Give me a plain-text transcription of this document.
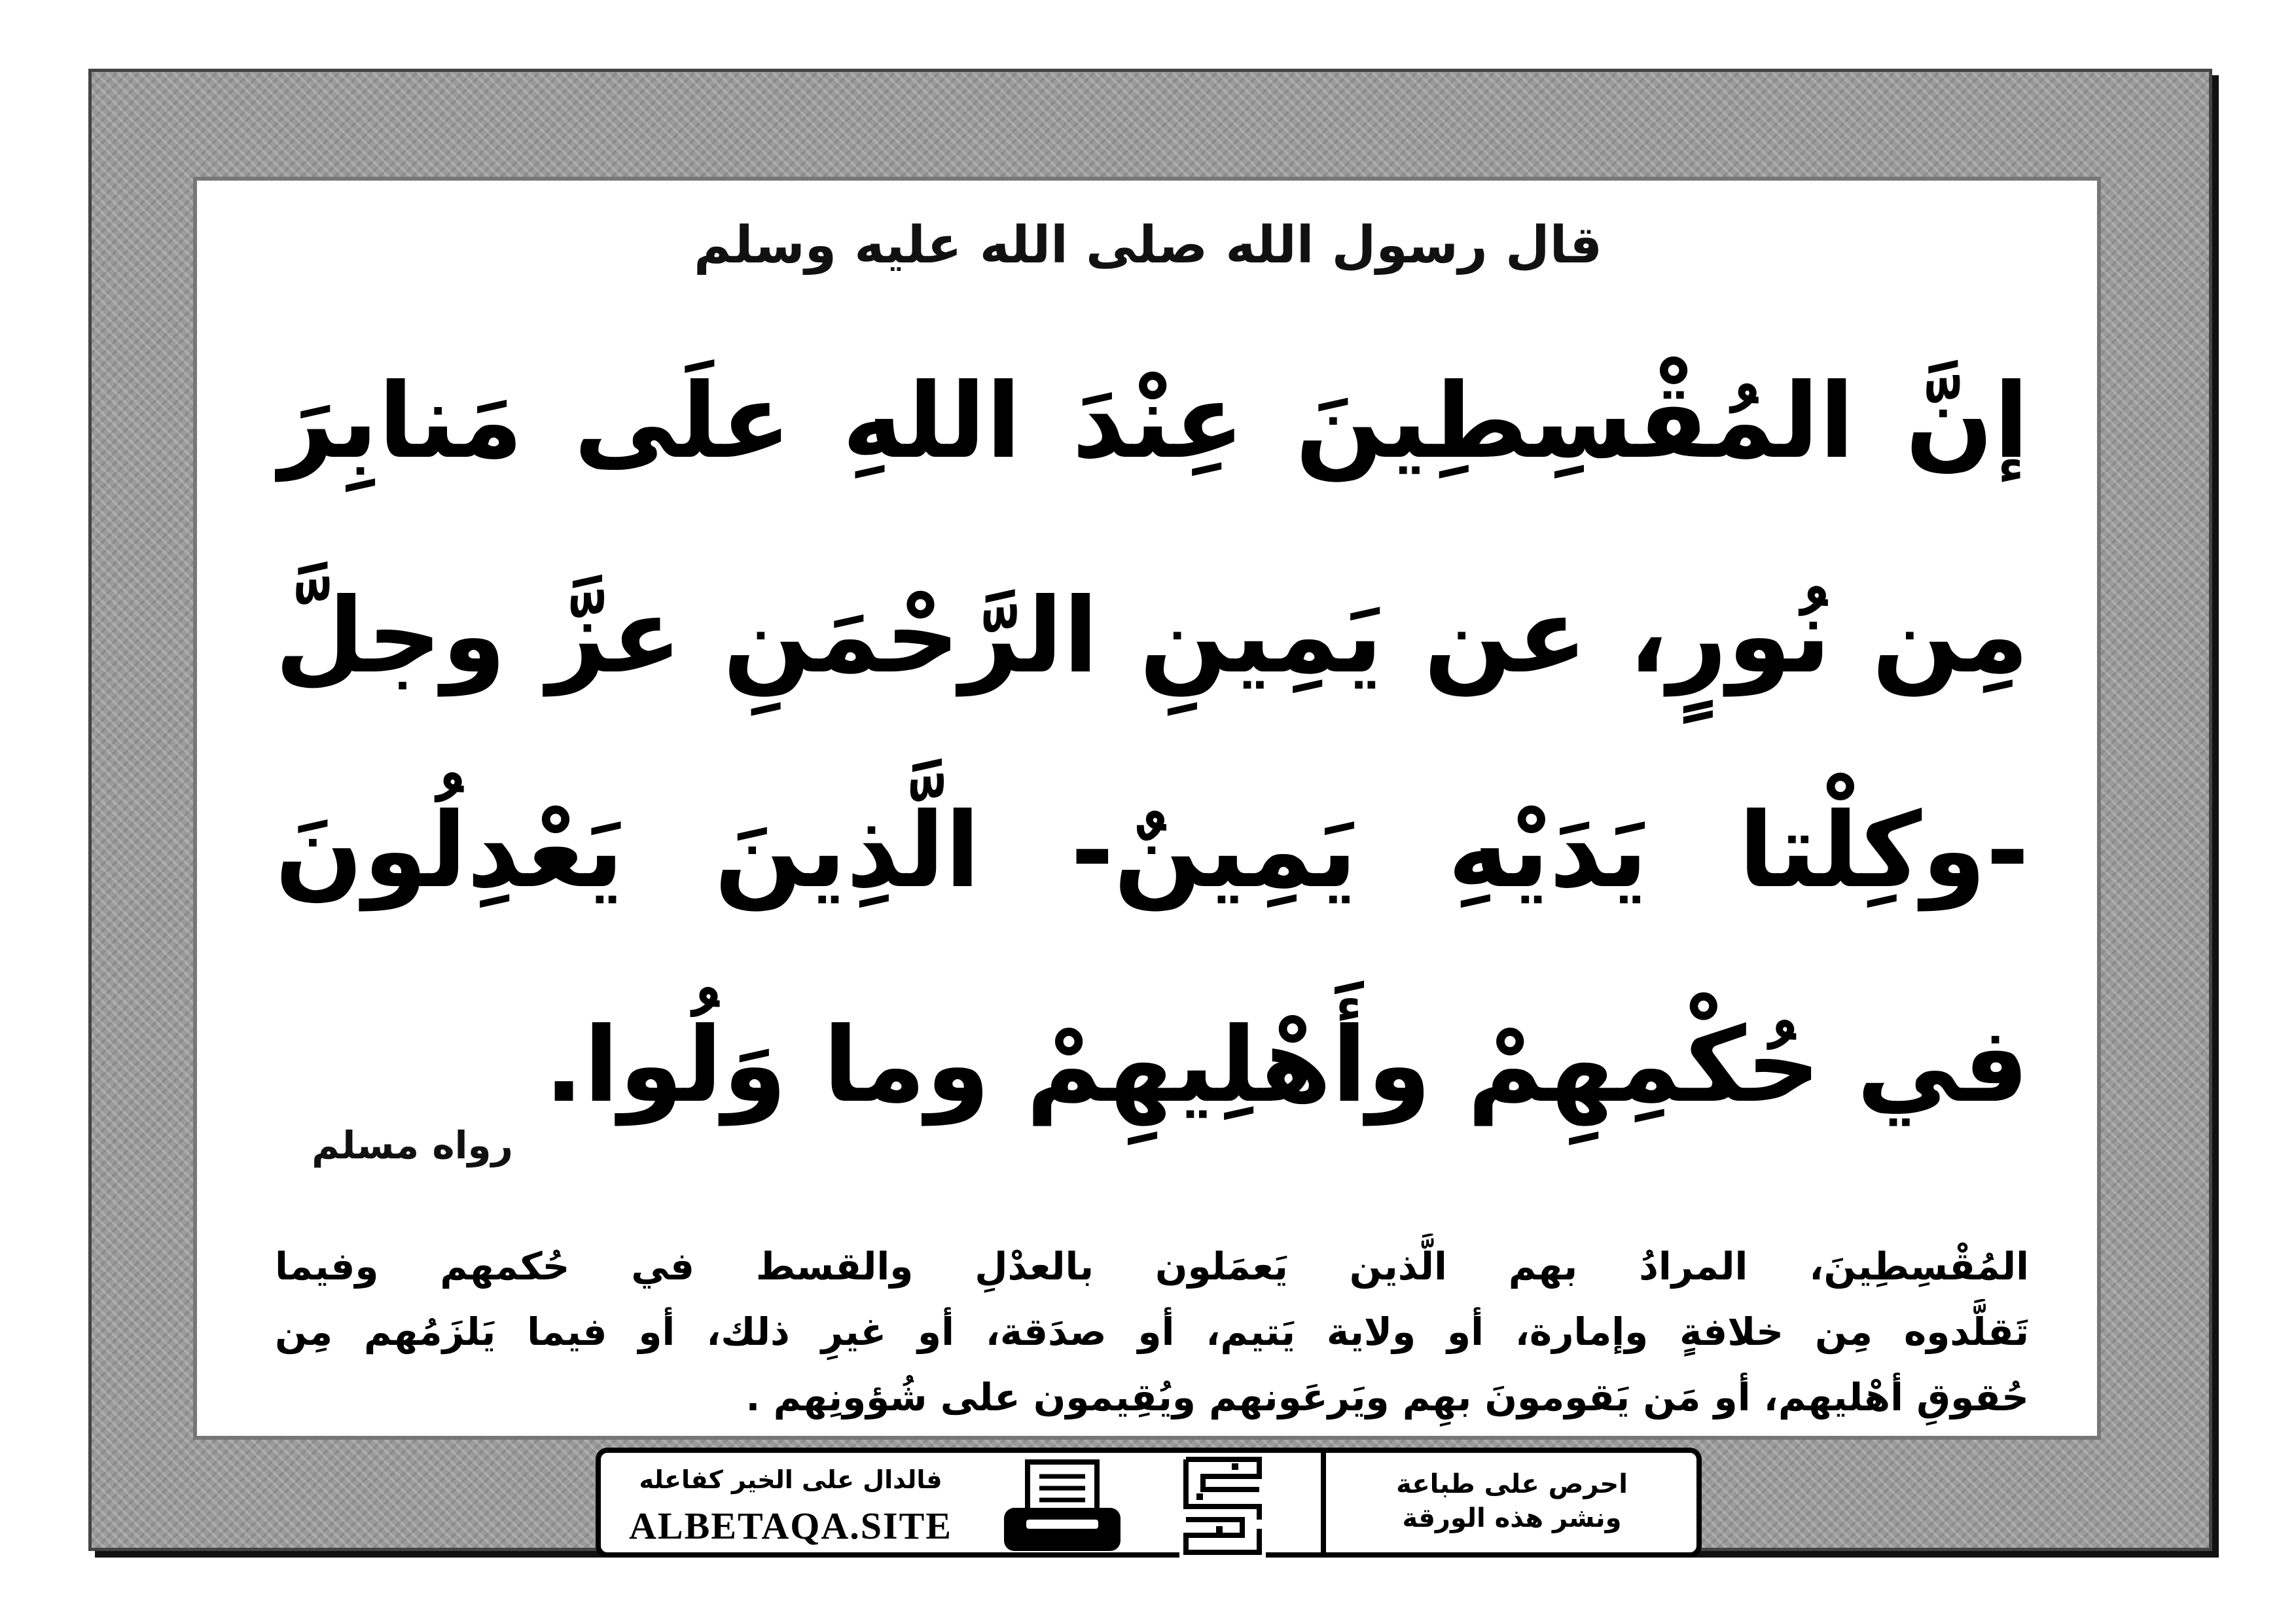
قال رسول الله صلى الله عليه وسلم
إنَّ المُقْسِطِينَ عِنْدَ اللهِ علَى مَنابِرَ
مِن نُورٍ، عن يَمِينِ الرَّحْمَنِ عزَّ وجلَّ
-وكِلْتا يَدَيْهِ يَمِينٌ- الَّذِينَ يَعْدِلُونَ
في حُكْمِهِمْ وأَهْلِيهِمْ وما وَلُوا.
رواه مسلم
المُقْسِطِينَ، المرادُ بهم الَّذين يَعمَلون بالعدْلِ والقسط في حُكمهم وفيما
تَقلَّدوه مِن خلافةٍ وإمارة، أو ولاية يَتيم، أو صدَقة، أو غيرِ ذلك، أو فيما يَلزَمُهم مِن
حُقوقِ أهْليهم، أو مَن يَقومونَ بهِم ويَرعَونهم ويُقِيمون على شُؤونِهم .
فالدال على الخير كفاعله
ALBETAQA.SITE
احرص على طباعة
ونشر هذه الورقة
